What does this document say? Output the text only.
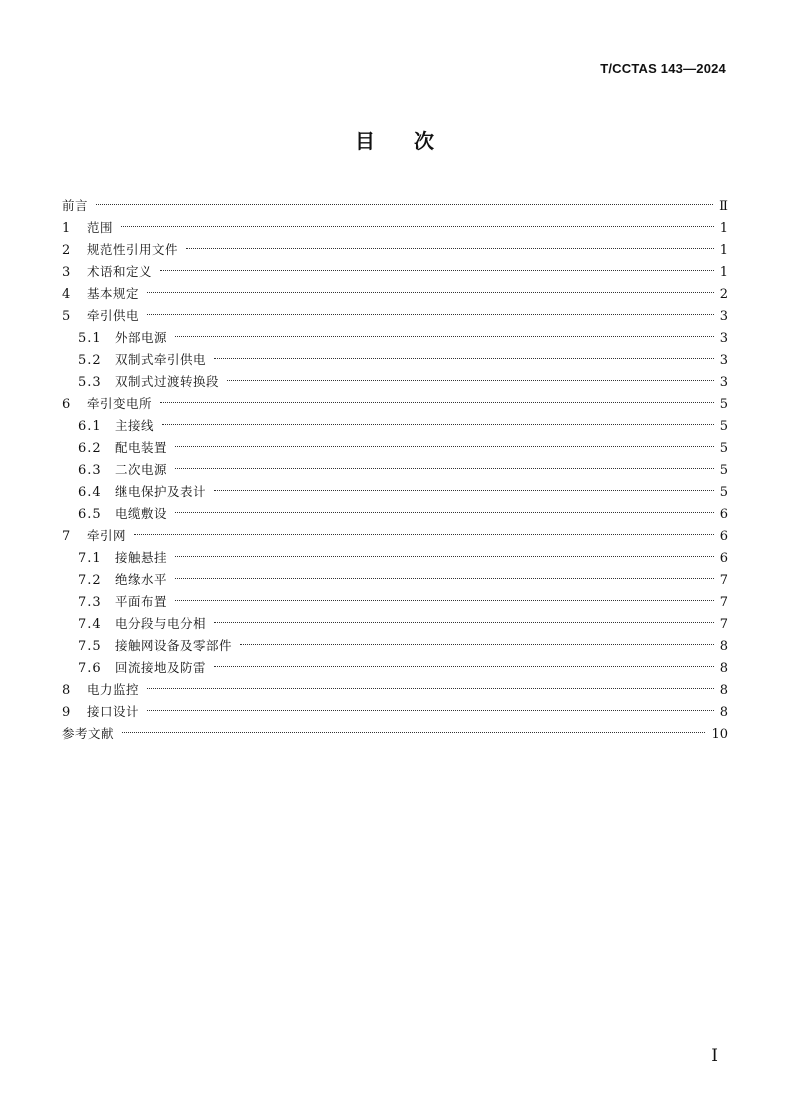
T/CCTAS 143—2024
目 次
前言	Ⅱ
1	范围	1
2	规范性引用文件	1
3	术语和定义	1
4	基本规定	2
5	牵引供电	3
5.1	外部电源	3
5.2	双制式牵引供电	3
5.3	双制式过渡转换段	3
6	牵引变电所	5
6.1	主接线	5
6.2	配电装置	5
6.3	二次电源	5
6.4	继电保护及表计	5
6.5	电缆敷设	6
7	牵引网	6
7.1	接触悬挂	6
7.2	绝缘水平	7
7.3	平面布置	7
7.4	电分段与电分相	7
7.5	接触网设备及零部件	8
7.6	回流接地及防雷	8
8	电力监控	8
9	接口设计	8
参考文献	10
I
